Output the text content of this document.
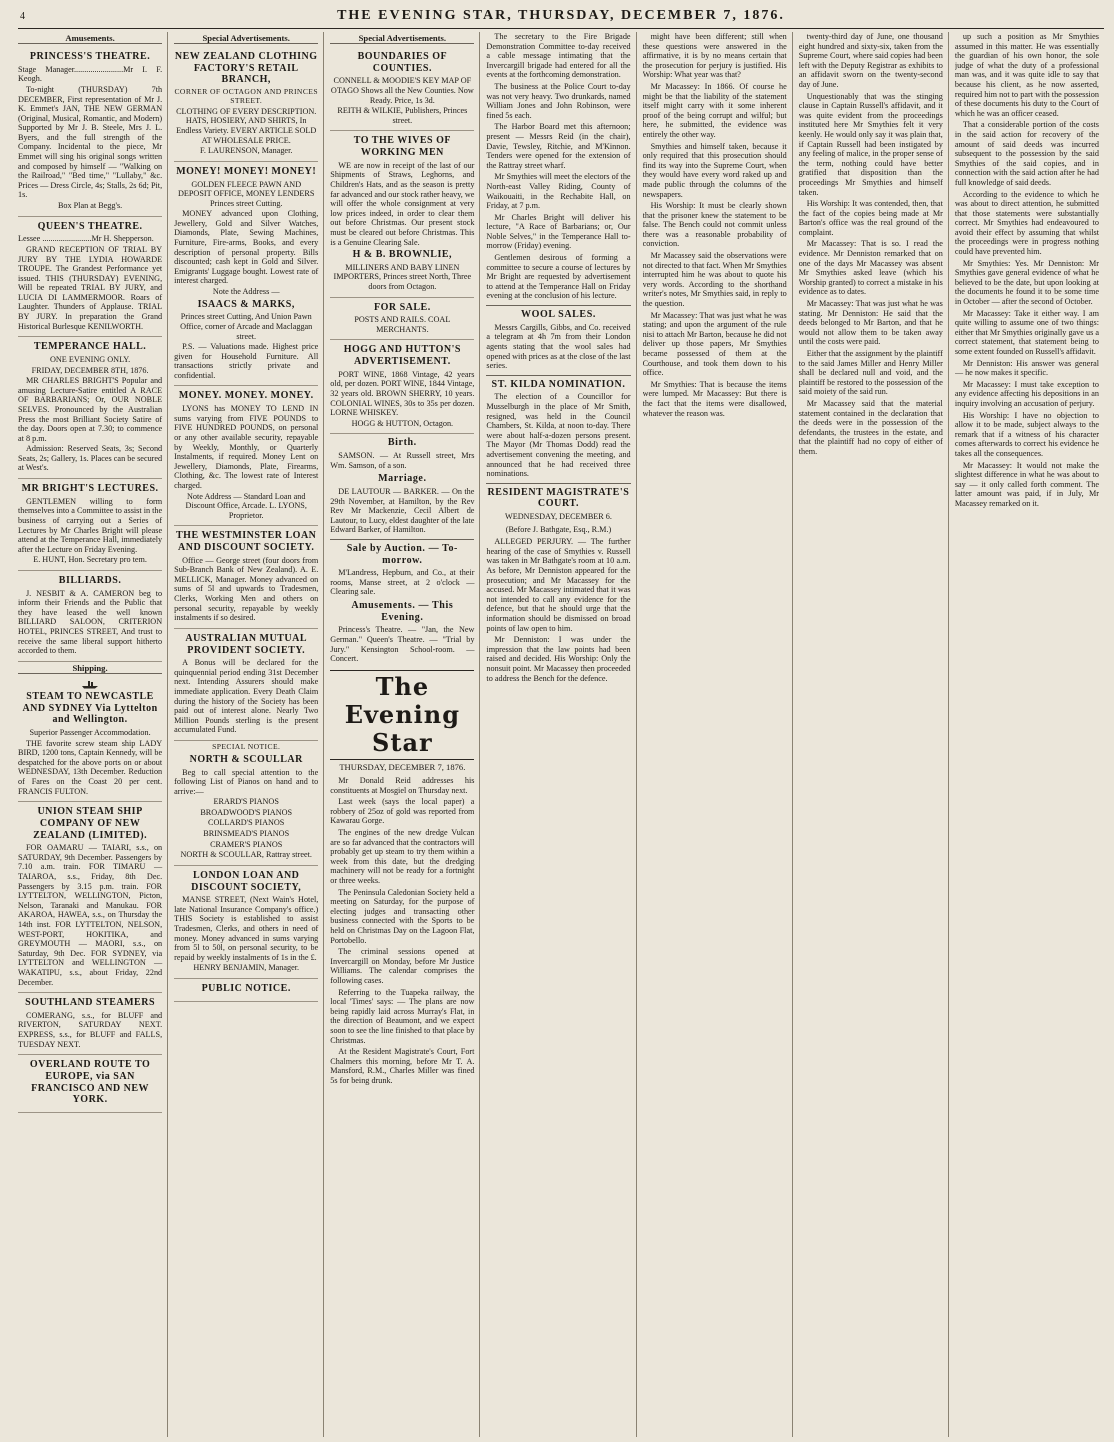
4	THE EVENING STAR, THURSDAY, DECEMBER 7, 1876.
Amusements.
PRINCESS'S THEATRE.

Stage Manager........................Mr I. F. Keogh.

To-night (THURSDAY) 7th DECEMBER, First representation of Mr J. K. Emmet's JAN, THE NEW GERMAN (Original, Musical, Romantic, and Modern) Supported by Mr J. B. Steele, Mrs J. L. Byers, and the full strength of the Company. Incidental to the piece, Mr Emmet will sing his original songs written and composed by himself — "Walking on the Railroad," "Bed time," "Lullaby," &c. Prices — Dress Circle, 4s; Stalls, 2s 6d; Pit, 1s.

Box Plan at Begg's.

QUEEN'S THEATRE.

Lessee ........................Mr H. Shepperson.

GRAND RECEPTION OF TRIAL BY JURY BY THE LYDIA HOWARDE TROUPE. The Grandest Performance yet issued. THIS (THURSDAY) EVENING, Will be repeated TRIAL BY JURY, and LUCIA DI LAMMERMOOR. Roars of Laughter. Thunders of Applause. TRIAL BY JURY. In preparation the Grand Historical Burlesque KENILWORTH.

TEMPERANCE HALL.

ONE EVENING ONLY.

FRIDAY, DECEMBER 8TH, 1876.

MR CHARLES BRIGHT'S Popular and amusing Lecture-Satire entitled A RACE OF BARBARIANS; Or, OUR NOBLE SELVES. Pronounced by the Australian Press the most Brilliant Society Satire of the day. Doors open at 7.30; to commence at 8 p.m.

Admission: Reserved Seats, 3s; Second Seats, 2s; Gallery, 1s. Places can be secured at West's.

MR BRIGHT'S LECTURES.

GENTLEMEN willing to form themselves into a Committee to assist in the business of carrying out a Series of Lectures by Mr Charles Bright will please attend at the Temperance Hall, immediately after the Lecture on Friday Evening.

E. HUNT, Hon. Secretary pro tem.

BILLIARDS.

J. NESBIT & A. CAMERON beg to inform their Friends and the Public that they have leased the well known BILLIARD SALOON, CRITERION HOTEL, PRINCES STREET, And trust to receive the same liberal support hitherto accorded to them.

Shipping.
STEAM TO NEWCASTLE AND SYDNEY Via Lyttelton and Wellington.

Superior Passenger Accommodation.

THE favorite screw steam ship LADY BIRD, 1200 tons, Captain Kennedy, will be despatched for the above ports on or about WEDNESDAY, 13th December. Reduction of Fares on the Coast 20 per cent. FRANCIS FULTON.

UNION STEAM SHIP COMPANY OF NEW ZEALAND (LIMITED).

FOR OAMARU — TAIARI, s.s., on SATURDAY, 9th December. Passengers by 7.10 a.m. train. FOR TIMARU — TAIAROA, s.s., Friday, 8th Dec. Passengers by 3.15 p.m. train. FOR LYTTELTON, WELLINGTON, Picton, Nelson, Taranaki and Manukau. FOR AKAROA, HAWEA, s.s., on Thursday the 14th inst. FOR LYTTELTON, NELSON, WEST-PORT, HOKITIKA, and GREYMOUTH — MAORI, s.s., on Saturday, 9th Dec. FOR SYDNEY, via LYTTELTON and WELLINGTON — WAKATIPU, s.s., about Friday, 22nd December.

SOUTHLAND STEAMERS

COMERANG, s.s., for BLUFF and RIVERTON, SATURDAY NEXT. EXPRESS, s.s., for BLUFF and FALLS, TUESDAY NEXT.

OVERLAND ROUTE TO EUROPE, via SAN FRANCISCO AND NEW YORK.
Special Advertisements.
NEW ZEALAND CLOTHING FACTORY'S RETAIL BRANCH,

CORNER OF OCTAGON AND PRINCES STREET.

CLOTHING OF EVERY DESCRIPTION. HATS, HOSIERY, AND SHIRTS, In Endless Variety. EVERY ARTICLE SOLD AT WHOLESALE PRICE.

F. LAURENSON, Manager.

MONEY! MONEY! MONEY!

GOLDEN FLEECE PAWN AND DEPOSIT OFFICE, MONEY LENDERS Princes street Cutting.

MONEY advanced upon Clothing, Jewellery, Gold and Silver Watches, Diamonds, Plate, Sewing Machines, Furniture, Fire-arms, Books, and every description of personal property. Bills discounted; cash kept in Gold and Silver. Emigrants' Luggage bought. Lowest rate of interest charged.

Note the Address —

ISAACS & MARKS,

Princes street Cutting, And Union Pawn Office, corner of Arcade and Maclaggan street.

P.S. — Valuations made. Highest price given for Household Furniture. All transactions strictly private and confidential.

MONEY. MONEY. MONEY.

LYONS has MONEY TO LEND IN sums varying from FIVE POUNDS to FIVE HUNDRED POUNDS, on personal or any other available security, repayable by Weekly, Monthly, or Quarterly Instalments, if required. Money Lent on Jewellery, Diamonds, Plate, Firearms, Clothing, &c. The lowest rate of Interest charged.

Note Address — Standard Loan and Discount Office, Arcade. L. LYONS, Proprietor.

THE WESTMINSTER LOAN AND DISCOUNT SOCIETY.

Office — George street (four doors from Sub-Branch Bank of New Zealand). A. E. MELLICK, Manager. Money advanced on sums of 5l and upwards to Tradesmen, Clerks, Working Men and others on personal security, repayable by weekly instalments if so desired.

AUSTRALIAN MUTUAL PROVIDENT SOCIETY.

A Bonus will be declared for the quinquennial period ending 31st December next. Intending Assurers should make immediate application. Every Death Claim during the history of the Society has been paid out of interest alone. Nearly Two Million Pounds sterling is the present accumulated Fund.

SPECIAL NOTICE.

NORTH & SCOULLAR

Beg to call special attention to the following List of Pianos on hand and to arrive:—

ERARD'S PIANOS

BROADWOOD'S PIANOS

COLLARD'S PIANOS

BRINSMEAD'S PIANOS

CRAMER'S PIANOS

NORTH & SCOULLAR, Rattray street.

LONDON LOAN AND DISCOUNT SOCIETY,

MANSE STREET, (Next Wain's Hotel, late National Insurance Company's office.) THIS Society is established to assist Tradesmen, Clerks, and others in need of money. Money advanced in sums varying from 5l to 50l, on personal security, to be repaid by weekly instalments of 1s in the £.

HENRY BENJAMIN, Manager.

PUBLIC NOTICE.
Special Advertisements.
BOUNDARIES OF COUNTIES.

CONNELL & MOODIE'S KEY MAP OF OTAGO Shows all the New Counties. Now Ready. Price, 1s 3d.

REITH & WILKIE, Publishers, Princes street.

TO THE WIVES OF WORKING MEN

WE are now in receipt of the last of our Shipments of Straws, Leghorns, and Children's Hats, and as the season is pretty far advanced and our stock rather heavy, we will offer the whole consignment at very low prices indeed, in order to clear them out before Christmas. Our present stock must be cleared out before Christmas. This is a Genuine Clearing Sale.

H & B. BROWNLIE,

MILLINERS AND BABY LINEN IMPORTERS, Princes street North, Three doors from Octagon.

FOR SALE.

POSTS AND RAILS. COAL MERCHANTS.

HOGG AND HUTTON'S ADVERTISEMENT.

PORT WINE, 1868 Vintage, 42 years old, per dozen. PORT WINE, 1844 Vintage, 32 years old. BROWN SHERRY, 10 years. COLONIAL WINES, 30s to 35s per dozen. LORNE WHISKEY.

HOGG & HUTTON, Octagon.

Birth.

SAMSON. — At Russell street, Mrs Wm. Samson, of a son.

Marriage.

DE LAUTOUR — BARKER. — On the 29th November, at Hamilton, by the Rev Rev Mr Mackenzie, Cecil Albert de Lautour, to Lucy, eldest daughter of the late Edward Barker, of Hamilton.

Sale by Auction. — To-morrow.

M'Landress, Hepburn, and Co., at their rooms, Manse street, at 2 o'clock — Clearing sale.

Amusements. — This Evening.

Princess's Theatre. — "Jan, the New German." Queen's Theatre. — "Trial by Jury." Kensington School-room. — Concert.

The Evening Star
THURSDAY, DECEMBER 7, 1876.

Mr Donald Reid addresses his constituents at Mosgiel on Thursday next.

Last week (says the local paper) a robbery of 25oz of gold was reported from Kawarau Gorge.

The engines of the new dredge Vulcan are so far advanced that the contractors will probably get up steam to try them within a week from this date, but the dredging machinery will not be ready for a fortnight or three weeks.

The Peninsula Caledonian Society held a meeting on Saturday, for the purpose of electing judges and transacting other business connected with the Sports to be held on Christmas Day on the Lagoon Flat, Portobello.

The criminal sessions opened at Invercargill on Monday, before Mr Justice Williams. The calendar comprises the following cases.

Referring to the Tuapeka railway, the local 'Times' says: — The plans are now being rapidly laid across Murray's Flat, in the direction of Beaumont, and we expect soon to see the line finished to that place by Christmas.

At the Resident Magistrate's Court, Fort Chalmers this morning, before Mr T. A. Mansford, R.M., Charles Miller was fined 5s for being drunk.

The secretary to the Fire Brigade Demonstration Committee to-day received a cable message intimating that the Invercargill brigade had entered for all the events at the forthcoming demonstration.

The business at the Police Court to-day was not very heavy. Two drunkards, named William Jones and John Robinson, were fined 5s each.

The Harbor Board met this afternoon; present — Messrs Reid (in the chair), Davie, Tewsley, Ritchie, and M'Kinnon. Tenders were opened for the extension of the Rattray street wharf.

Mr Smythies will meet the electors of the North-east Valley Riding, County of Waikouaiti, in the Rechabite Hall, on Friday, at 7 p.m.

Mr Charles Bright will deliver his lecture, "A Race of Barbarians; or, Our Noble Selves," in the Temperance Hall to-morrow (Friday) evening.

Gentlemen desirous of forming a committee to secure a course of lectures by Mr Bright are requested by advertisement to attend at the Temperance Hall on Friday evening at the conclusion of his lecture.

WOOL SALES.

Messrs Cargills, Gibbs, and Co. received a telegram at 4h 7m from their London agents stating that the wool sales had opened with prices as at the close of the last series.

ST. KILDA NOMINATION.

The election of a Councillor for Musselburgh in the place of Mr Smith, resigned, was held in the Council Chambers, St. Kilda, at noon to-day. There were about half-a-dozen persons present. The Mayor (Mr Thomas Dodd) read the advertisement convening the meeting, and announced that he had received three nominations.

RESIDENT MAGISTRATE'S COURT.
WEDNESDAY, DECEMBER 6.
(Before J. Bathgate, Esq., R.M.)

ALLEGED PERJURY. — The further hearing of the case of Smythies v. Russell was taken in Mr Bathgate's room at 10 a.m. As before, Mr Denniston appeared for the prosecution; and Mr Macassey for the accused. Mr Macassey intimated that it was not intended to call any evidence for the defence, but that he should urge that the information should be dismissed on broad points of law open to him.

Mr Denniston: I was under the impression that the law points had been raised and decided. His Worship: Only the nonsuit point. Mr Macassey then proceeded to address the Bench for the defence.

might have been different; still when these questions were answered in the affirmative, it is by no means certain that the prosecution for perjury is justified. His Worship: What year was that?

Mr Macassey: In 1866. Of course he might be that the liability of the statement itself might carry with it some inherent proof of the being corrupt and wilful; but here, he submitted, the evidence was entirely the other way.

Smythies and himself taken, because it only required that this prosecution should find its way into the Supreme Court, when they would have every word raked up and made public through the columns of the newspapers.

His Worship: It must be clearly shown that the prisoner knew the statement to be false. The Bench could not commit unless there was a reasonable probability of conviction.

Mr Macassey said the observations were not directed to that fact. When Mr Smythies interrupted him he was about to quote his very words. According to the shorthand writer's notes, Mr Smythies said, in reply to the question.

Mr Macassey: That was just what he was stating; and upon the argument of the rule nisi to attach Mr Barton, because he did not deliver up those papers, Mr Smythies became possessed of them at the Courthouse, and took them down to his office.

Mr Smythies: That is because the items were lumped. Mr Macassey: But there is the fact that the items were disallowed, whatever the reason was.

twenty-third day of June, one thousand eight hundred and sixty-six, taken from the Supreme Court, where said copies had been left with the Deputy Registrar as exhibits to an affidavit sworn on the twenty-second day of June.

Unquestionably that was the stinging clause in Captain Russell's affidavit, and it was quite evident from the proceedings instituted here Mr Smythies felt it very keenly. He would only say it was plain that, if Captain Russell had been instigated by any feeling of malice, in the proper sense of the term, nothing could have better gratified that disposition than the proceedings Mr Smythies and himself taken.

His Worship: It was contended, then, that the fact of the copies being made at Mr Barton's office was the real ground of the complaint.

Mr Macassey: That is so. I read the evidence. Mr Denniston remarked that on one of the days Mr Macassey was absent Mr Smythies asked leave (which his Worship granted) to correct a mistake in his evidence as to dates.

Mr Macassey: That was just what he was stating. Mr Denniston: He said that the deeds belonged to Mr Barton, and that he would not allow them to be taken away until the costs were paid.

Either that the assignment by the plaintiff to the said James Miller and Henry Miller shall be declared null and void, and the plaintiff be restored to the possession of the said moiety of the said run.

Mr Macassey said that the material statement contained in the declaration that the deeds were in the possession of the defendants, the trustees in the estate, and that the plaintiff had no copy of either of them.

up such a position as Mr Smythies assumed in this matter. He was essentially the guardian of his own honor, the sole judge of what the duty of a professional man was, and it was quite idle to say that because his client, as he now asserted, required him not to part with the possession of these documents his duty to the Court of which he was an officer ceased.

That a considerable portion of the costs in the said action for recovery of the amount of said deeds was incurred subsequent to the possession by the said Smythies of the said copies, and in connection with the said action after he had full knowledge of said deeds.

According to the evidence to which he was about to direct attention, he submitted that those statements were substantially correct. Mr Smythies had endeavoured to avoid their effect by assuming that whilst the proceedings were in progress nothing could have prevented him.

Mr Smythies: Yes. Mr Denniston: Mr Smythies gave general evidence of what he believed to be the date, but upon looking at the documents he found it to be some time in October — after the second of October.

Mr Macassey: Take it either way. I am quite willing to assume one of two things: either that Mr Smythies originally gave us a correct statement, that statement being to some extent founded on Russell's affidavit.

Mr Denniston: His answer was general — he now makes it specific.

Mr Macassey: I must take exception to any evidence affecting his depositions in an inquiry involving an accusation of perjury.

His Worship: I have no objection to allow it to be made, subject always to the remark that if a witness of his character comes afterwards to correct his evidence he takes all the consequences.

Mr Macassey: It would not make the slightest difference in what he was about to say — it only called forth comment. The latter amount was paid, if in July, Mr Macassey remarked on it.
